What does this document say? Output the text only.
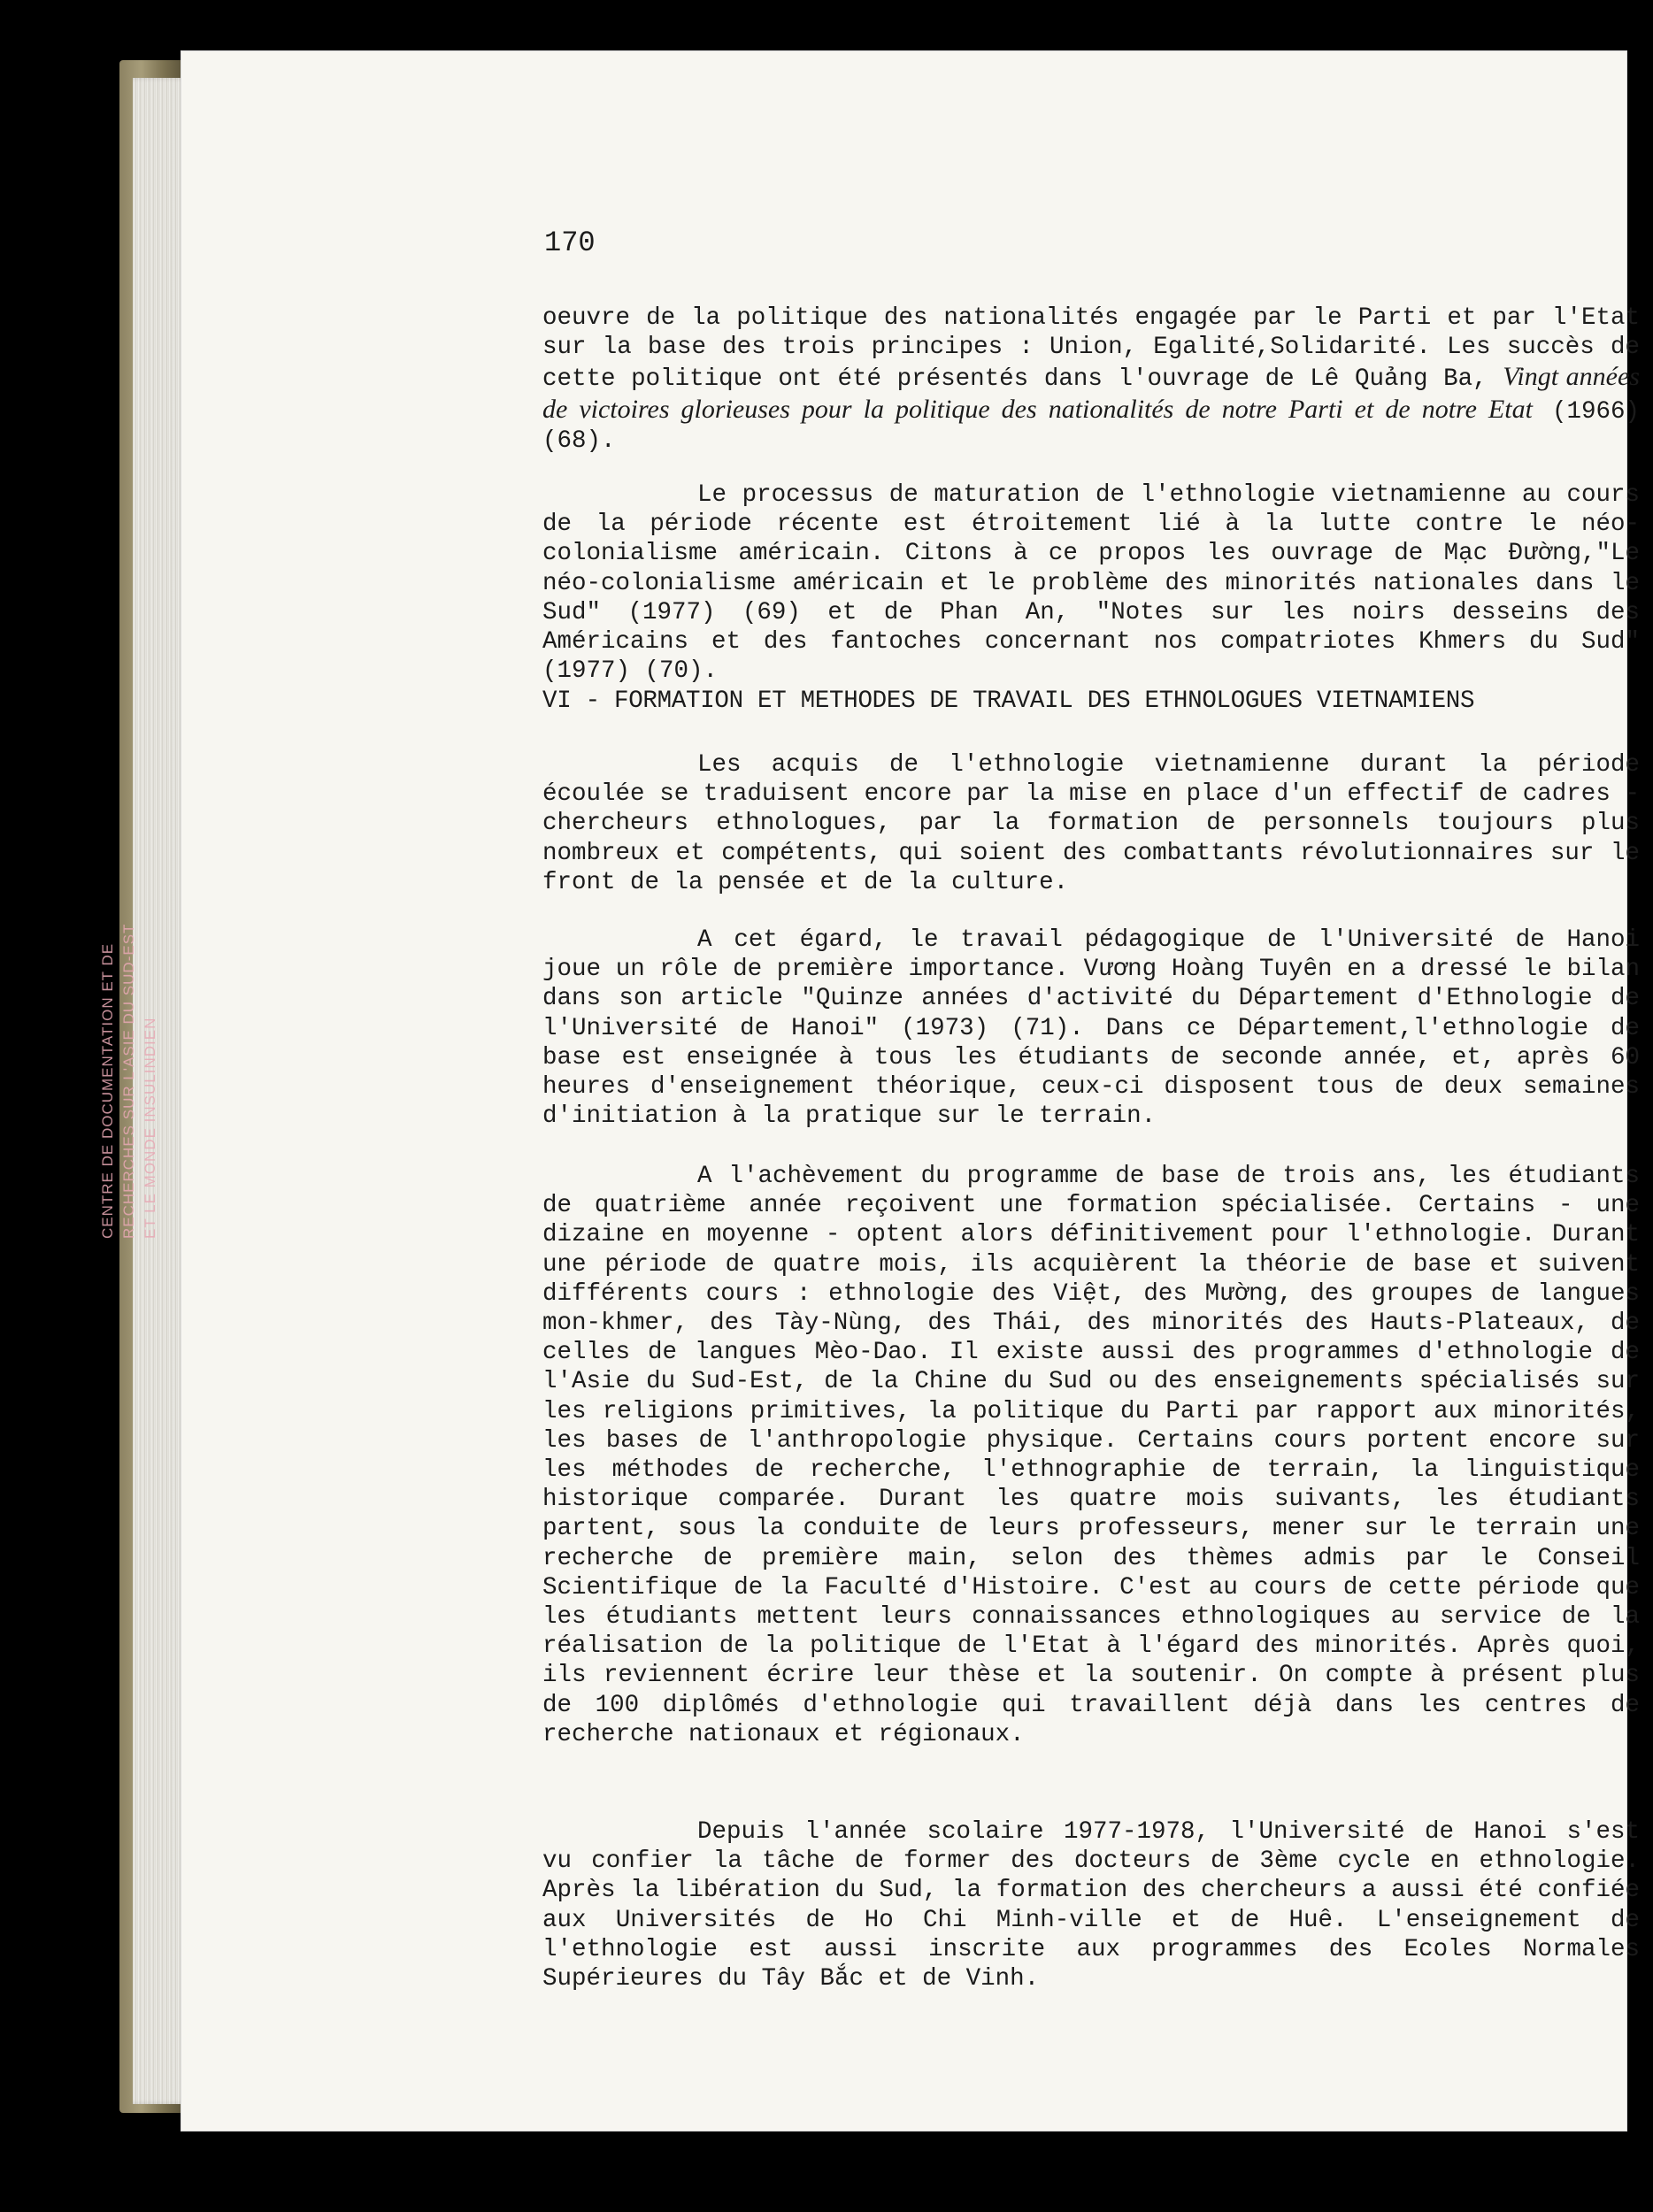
CENTRE DE DOCUMENTATION ET DE
RECHERCHES SUR L'ASIE DU SUD-EST
ET LE MONDE INSULINDIEN
170

oeuvre de la politique des nationalités engagée par le Parti et par l'Etat sur la base des trois principes : Union, Egalité,Solidarité. Les succès de cette politique ont été présentés dans l'ouvrage de Lê Quảng Ba, Vingt années de victoires glorieuses pour la politique des nationalités de notre Parti et de notre Etat (1966) (68).

Le processus de maturation de l'ethnologie vietnamienne au cours de la période récente est étroitement lié à la lutte contre le néo-colonialisme américain. Citons à ce propos les ouvrage de Mạc Đường,"Le néo-colonialisme américain et le problème des minorités nationales dans le Sud" (1977) (69) et de Phan An, "Notes sur les noirs desseins des Américains et des fantoches concernant nos compatriotes Khmers du Sud" (1977) (70).

VI - FORMATION ET METHODES DE TRAVAIL DES ETHNOLOGUES VIETNAMIENS

Les acquis de l'ethnologie vietnamienne durant la période écoulée se traduisent encore par la mise en place d'un effectif de cadres - chercheurs ethnologues, par la formation de personnels toujours plus nombreux et compétents, qui soient des combattants révolutionnaires sur le front de la pensée et de la culture.

A cet égard, le travail pédagogique de l'Université de Hanoi joue un rôle de première importance. Vương Hoàng Tuyên en a dressé le bilan dans son article "Quinze années d'activité du Département d'Ethnologie de l'Université de Hanoi" (1973) (71). Dans ce Département,l'ethnologie de base est enseignée à tous les étudiants de seconde année, et, après 60 heures d'enseignement théorique, ceux-ci disposent tous de deux semaines d'initiation à la pratique sur le terrain.

A l'achèvement du programme de base de trois ans, les étudiants de quatrième année reçoivent une formation spécialisée. Certains - une dizaine en moyenne - optent alors définitivement pour l'ethnologie. Durant une période de quatre mois, ils acquièrent la théorie de base et suivent différents cours : ethnologie des Việt, des Mường, des groupes de langues mon-khmer, des Tày-Nùng, des Thái, des minorités des Hauts-Plateaux, de celles de langues Mèo-Dao. Il existe aussi des programmes d'ethnologie de l'Asie du Sud-Est, de la Chine du Sud ou des enseignements spécialisés sur les religions primitives, la politique du Parti par rapport aux minorités, les bases de l'anthropologie physique. Certains cours portent encore sur les méthodes de recherche, l'ethnographie de terrain, la linguistique historique comparée. Durant les quatre mois suivants, les étudiants partent, sous la conduite de leurs professeurs, mener sur le terrain une recherche de première main, selon des thèmes admis par le Conseil Scientifique de la Faculté d'Histoire. C'est au cours de cette période que les étudiants mettent leurs connaissances ethnologiques au service de la réalisation de la politique de l'Etat à l'égard des minorités. Après quoi, ils reviennent écrire leur thèse et la soutenir. On compte à présent plus de 100 diplômés d'ethnologie qui travaillent déjà dans les centres de recherche nationaux et régionaux.

Depuis l'année scolaire 1977-1978, l'Université de Hanoi s'est vu confier la tâche de former des docteurs de 3ème cycle en ethnologie. Après la libération du Sud, la formation des chercheurs a aussi été confiée aux Universités de Ho Chi Minh-ville et de Huê. L'enseignement de l'ethnologie est aussi inscrite aux programmes des Ecoles Normales Supérieures du Tây Bắc et de Vinh.
